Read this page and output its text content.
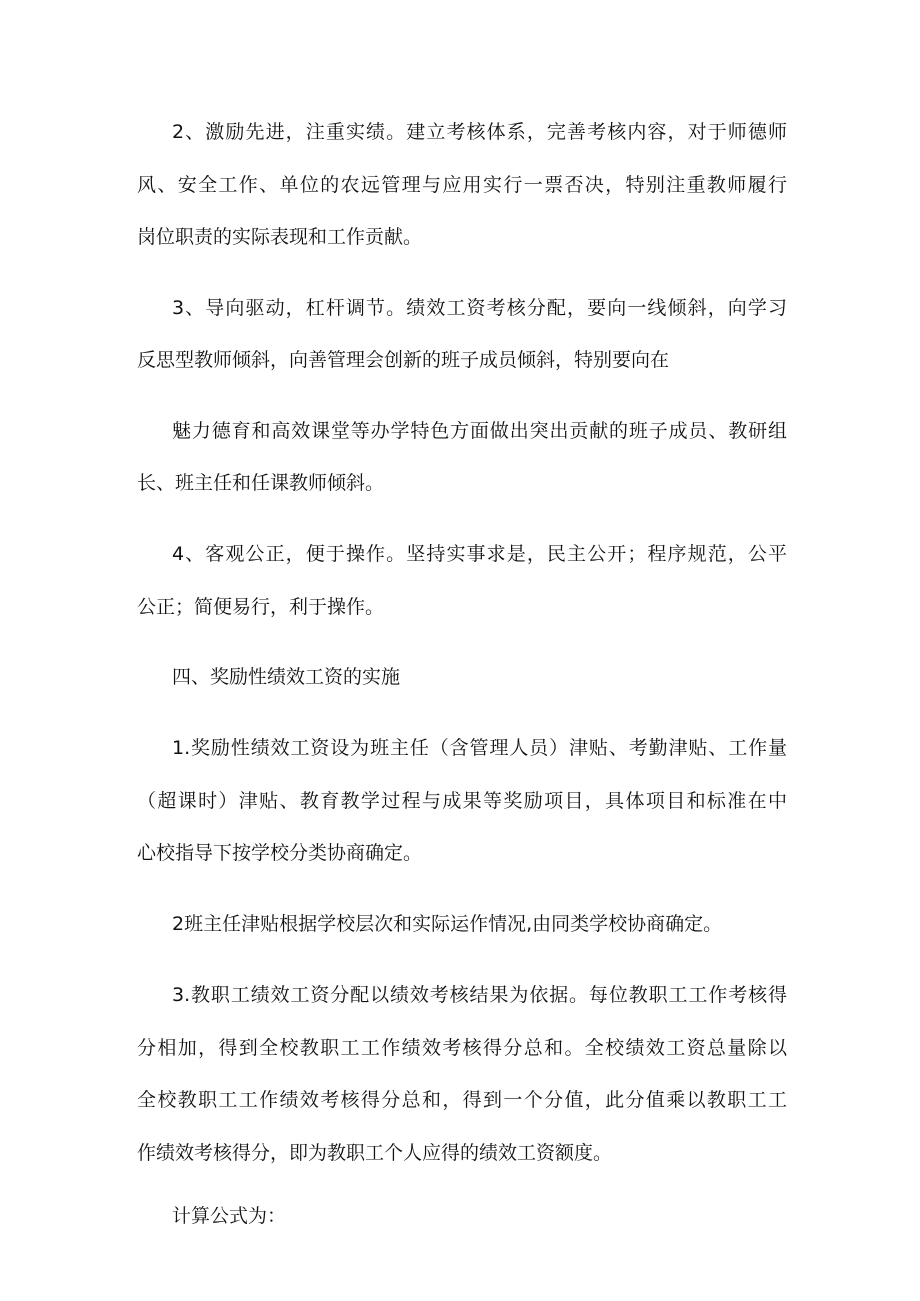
2、激励先进，注重实绩。建立考核体系，完善考核内容，对于师德师
风、安全工作、单位的农远管理与应用实行一票否决，特别注重教师履行
岗位职责的实际表现和工作贡献。
3、导向驱动，杠杆调节。绩效工资考核分配，要向一线倾斜，向学习
反思型教师倾斜，向善管理会创新的班子成员倾斜，特别要向在
魅力德育和高效课堂等办学特色方面做出突出贡献的班子成员、教研组
长、班主任和任课教师倾斜。
4、客观公正，便于操作。坚持实事求是，民主公开；程序规范，公平
公正；简便易行，利于操作。
四、奖励性绩效工资的实施
1.奖励性绩效工资设为班主任（含管理人员）津贴、考勤津贴、工作量
（超课时）津贴、教育教学过程与成果等奖励项目，具体项目和标准在中
心校指导下按学校分类协商确定。
2班主任津贴根据学校层次和实际运作情况,由同类学校协商确定。
3.教职工绩效工资分配以绩效考核结果为依据。每位教职工工作考核得
分相加，得到全校教职工工作绩效考核得分总和。全校绩效工资总量除以
全校教职工工作绩效考核得分总和，得到一个分值，此分值乘以教职工工
作绩效考核得分，即为教职工个人应得的绩效工资额度。
计算公式为：
